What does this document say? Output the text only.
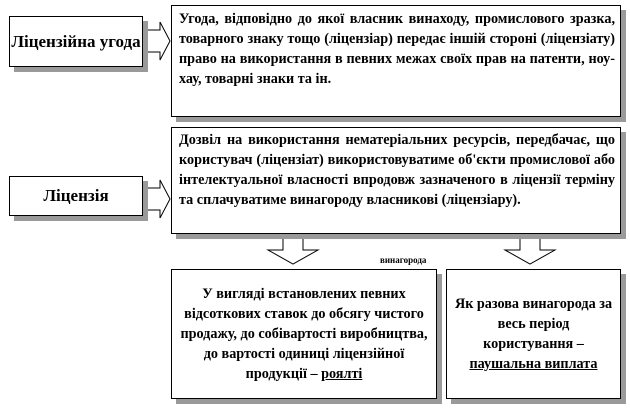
Ліцензійна угода
Угода, відповідно до якої власник винаходу, промислового зразка, товарного знаку тощо (ліцензіар) передає іншій стороні (ліцензіату) право на використання в певних межах своїх прав на патенти, ноу-хау, товарні знаки та ін.
Ліцензія
Дозвіл на використання нематеріальних ресурсів, передбачає, що користувач (ліцензіат) використовуватиме об'єкти промислової або інтелектуальної власності впродовж зазначеного в ліцензії терміну та сплачуватиме винагороду власникові (ліцензіару).
винагорода
У вигляді встановлених певних відсоткових ставок до обсягу чистого продажу, до собівартості виробництва, до вартості одиниці ліцензійної продукції – роялті
Як разова винагорода за весь період користування – паушальна виплата
